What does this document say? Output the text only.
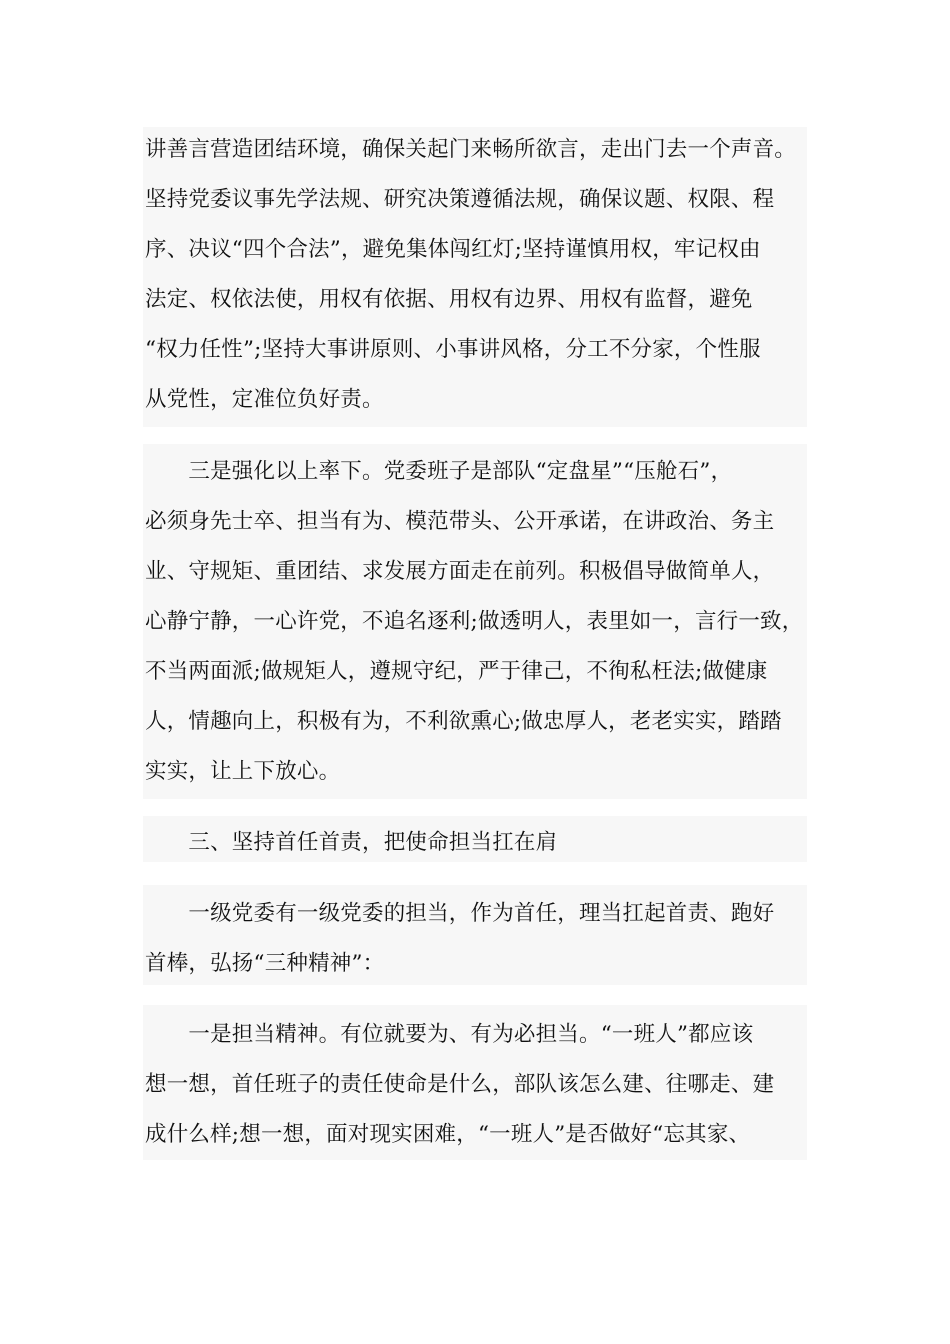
讲善言营造团结环境，确保关起门来畅所欲言，走出门去一个声音。
坚持党委议事先学法规、研究决策遵循法规，确保议题、权限、程
序、决议“四个合法”，避免集体闯红灯;坚持谨慎用权，牢记权由
法定、权依法使，用权有依据、用权有边界、用权有监督，避免
“权力任性”;坚持大事讲原则、小事讲风格，分工不分家，个性服
从党性，定准位负好责。
　　三是强化以上率下。党委班子是部队“定盘星”“压舱石”，
必须身先士卒、担当有为、模范带头、公开承诺，在讲政治、务主
业、守规矩、重团结、求发展方面走在前列。积极倡导做简单人，
心静宁静，一心许党，不追名逐利;做透明人，表里如一，言行一致，
不当两面派;做规矩人，遵规守纪，严于律己，不徇私枉法;做健康
人，情趣向上，积极有为，不利欲熏心;做忠厚人，老老实实，踏踏
实实，让上下放心。
　　三、坚持首任首责，把使命担当扛在肩
　　一级党委有一级党委的担当，作为首任，理当扛起首责、跑好
首棒，弘扬“三种精神”：
　　一是担当精神。有位就要为、有为必担当。“一班人”都应该
想一想，首任班子的责任使命是什么，部队该怎么建、往哪走、建
成什么样;想一想，面对现实困难，“一班人”是否做好“忘其家、
